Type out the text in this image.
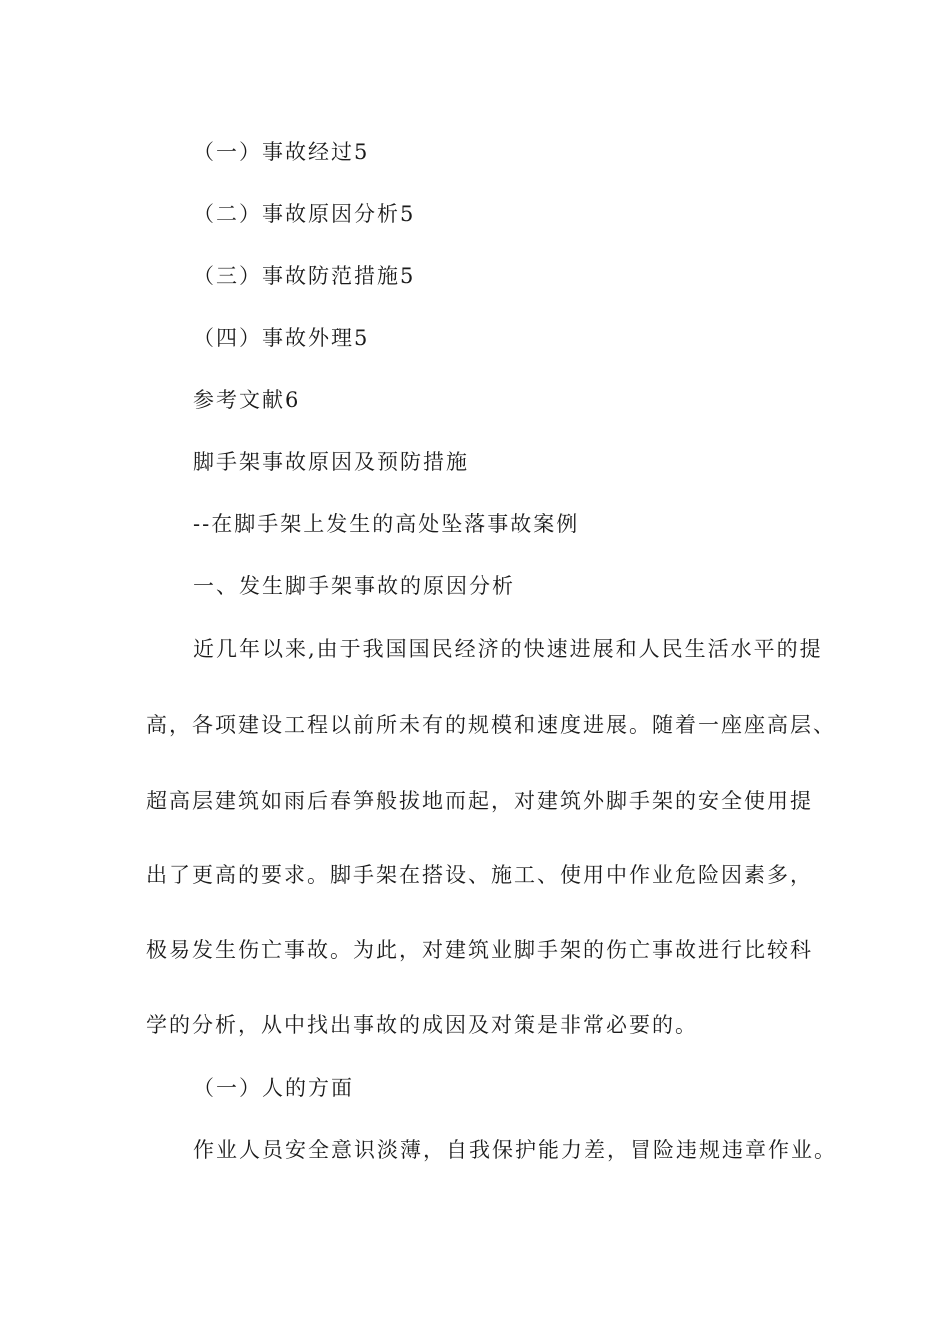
（一）事故经过5
（二）事故原因分析5
（三）事故防范措施5
（四）事故外理5
参考文献6
脚手架事故原因及预防措施
--在脚手架上发生的高处坠落事故案例
一、发生脚手架事故的原因分析
近几年以来,由于我国国民经济的快速进展和人民生活水平的提
高，各项建设工程以前所未有的规模和速度进展。随着一座座高层、
超高层建筑如雨后春笋般拔地而起，对建筑外脚手架的安全使用提
出了更高的要求。脚手架在搭设、施工、使用中作业危险因素多，
极易发生伤亡事故。为此，对建筑业脚手架的伤亡事故进行比较科
学的分析，从中找出事故的成因及对策是非常必要的。
（一）人的方面
作业人员安全意识淡薄，自我保护能力差，冒险违规违章作业。
